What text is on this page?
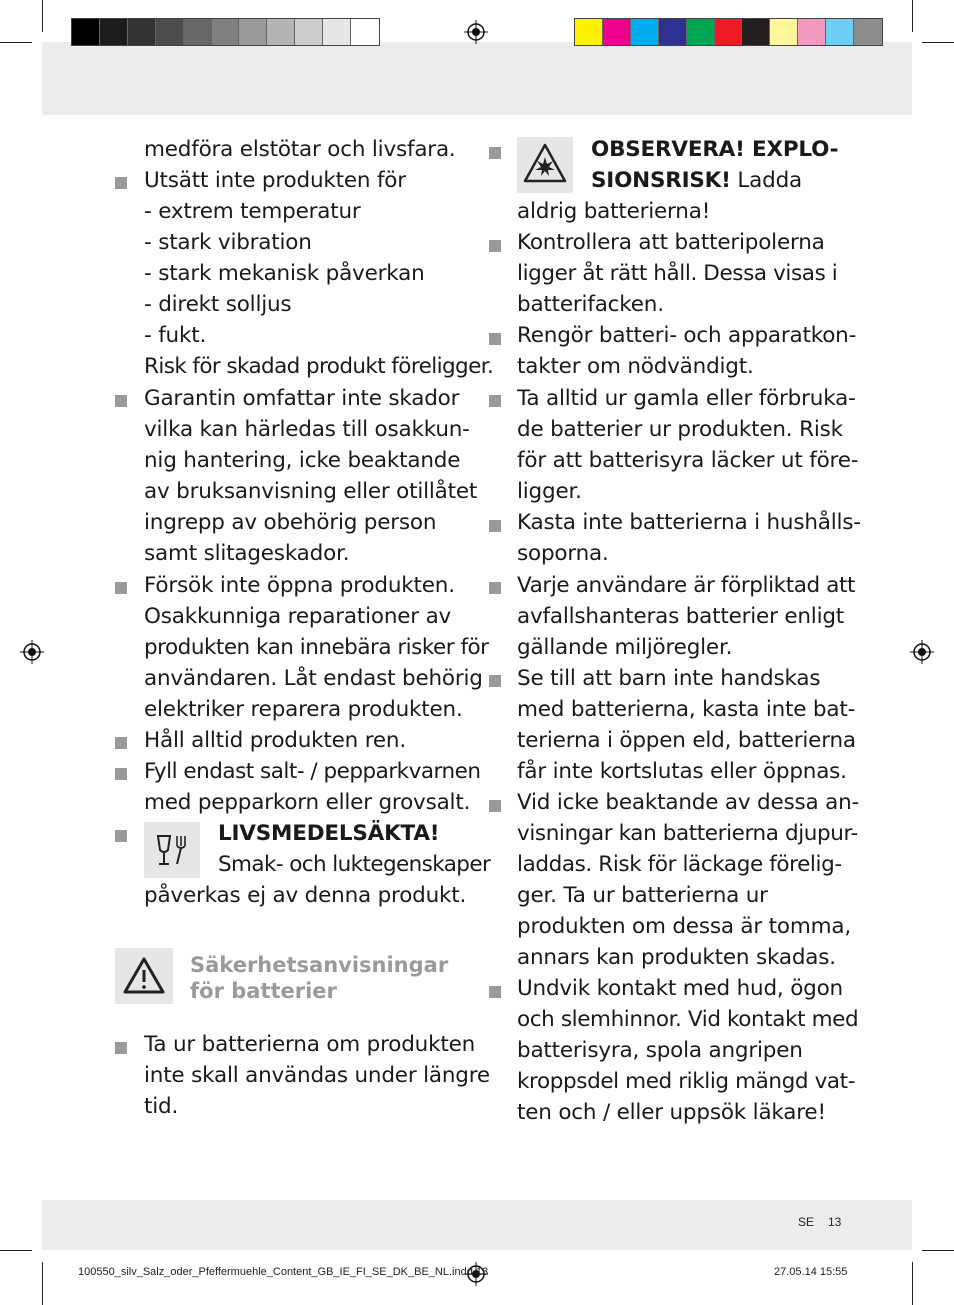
medföra elstötar och livsfara.
Utsätt inte produkten för
- extrem temperatur
- stark vibration
- stark mekanisk påverkan
- direkt solljus
- fukt.
Risk för skadad produkt föreligger.
Garantin omfattar inte skador
vilka kan härledas till osakkun-
nig hantering, icke beaktande
av bruksanvisning eller otillåtet
ingrepp av obehörig person
samt slitageskador.
Försök inte öppna produkten.
Osakkunniga reparationer av
produkten kan innebära risker för
användaren. Låt endast behörig
elektriker reparera produkten.
Håll alltid produkten ren.
Fyll endast salt- / pepparkvarnen
med pepparkorn eller grovsalt.
LIVSMEDELSÄKTA!
Smak- och luktegenskaper
påverkas ej av denna produkt.
Säkerhetsanvisningar
för batterier
Ta ur batterierna om produkten
inte skall användas under längre
tid.
OBSERVERA! EXPLO-
SIONSRISK! Ladda
aldrig batterierna!
Kontrollera att batteripolerna
ligger åt rätt håll. Dessa visas i
batterifacken.
Rengör batteri- och apparatkon-
takter om nödvändigt.
Ta alltid ur gamla eller förbruka-
de batterier ur produkten. Risk
för att batterisyra läcker ut före-
ligger.
Kasta inte batterierna i hushålls-
soporna.
Varje användare är förpliktad att
avfallshanteras batterier enligt
gällande miljöregler.
Se till att barn inte handskas
med batterierna, kasta inte bat-
terierna i öppen eld, batterierna
får inte kortslutas eller öppnas.
Vid icke beaktande av dessa an-
visningar kan batterierna djupur-
laddas. Risk för läckage förelig-
ger. Ta ur batterierna ur
produkten om dessa är tomma,
annars kan produkten skadas.
Undvik kontakt med hud, ögon
och slemhinnor. Vid kontakt med
batterisyra, spola angripen
kroppsdel med riklig mängd vat-
ten och / eller uppsök läkare!
SE 13
100550_silv_Salz_oder_Pfeffermuehle_Content_GB_IE_FI_SE_DK_BE_NL.indd 13	27.05.14 15:55
